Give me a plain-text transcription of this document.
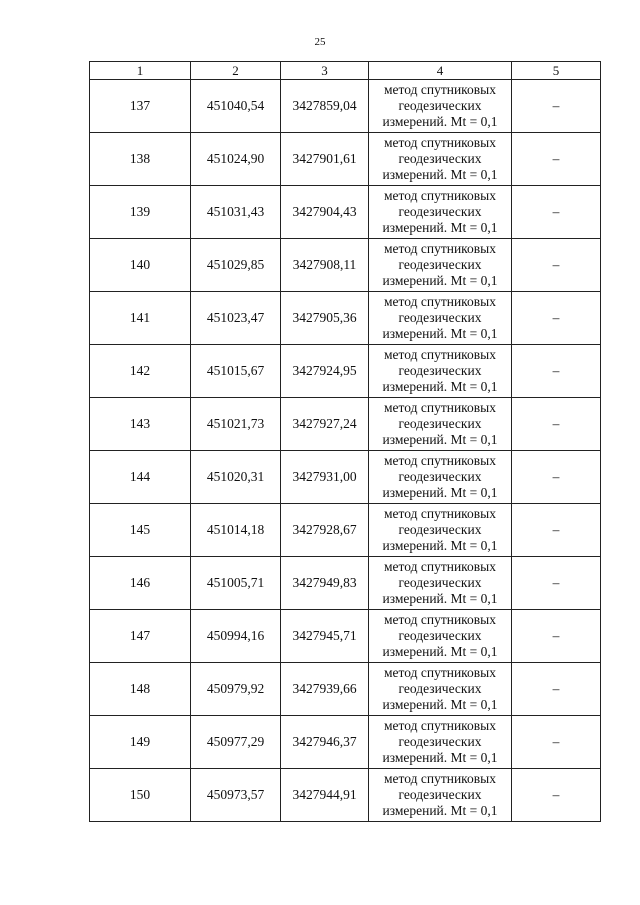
25
1	2	3	4	5
137	451040,54	3427859,04	метод спутниковых
геодезических
измерений. Mt = 0,1	–
138	451024,90	3427901,61	метод спутниковых
геодезических
измерений. Mt = 0,1	–
139	451031,43	3427904,43	метод спутниковых
геодезических
измерений. Mt = 0,1	–
140	451029,85	3427908,11	метод спутниковых
геодезических
измерений. Mt = 0,1	–
141	451023,47	3427905,36	метод спутниковых
геодезических
измерений. Mt = 0,1	–
142	451015,67	3427924,95	метод спутниковых
геодезических
измерений. Mt = 0,1	–
143	451021,73	3427927,24	метод спутниковых
геодезических
измерений. Mt = 0,1	–
144	451020,31	3427931,00	метод спутниковых
геодезических
измерений. Mt = 0,1	–
145	451014,18	3427928,67	метод спутниковых
геодезических
измерений. Mt = 0,1	–
146	451005,71	3427949,83	метод спутниковых
геодезических
измерений. Mt = 0,1	–
147	450994,16	3427945,71	метод спутниковых
геодезических
измерений. Mt = 0,1	–
148	450979,92	3427939,66	метод спутниковых
геодезических
измерений. Mt = 0,1	–
149	450977,29	3427946,37	метод спутниковых
геодезических
измерений. Mt = 0,1	–
150	450973,57	3427944,91	метод спутниковых
геодезических
измерений. Mt = 0,1	–
